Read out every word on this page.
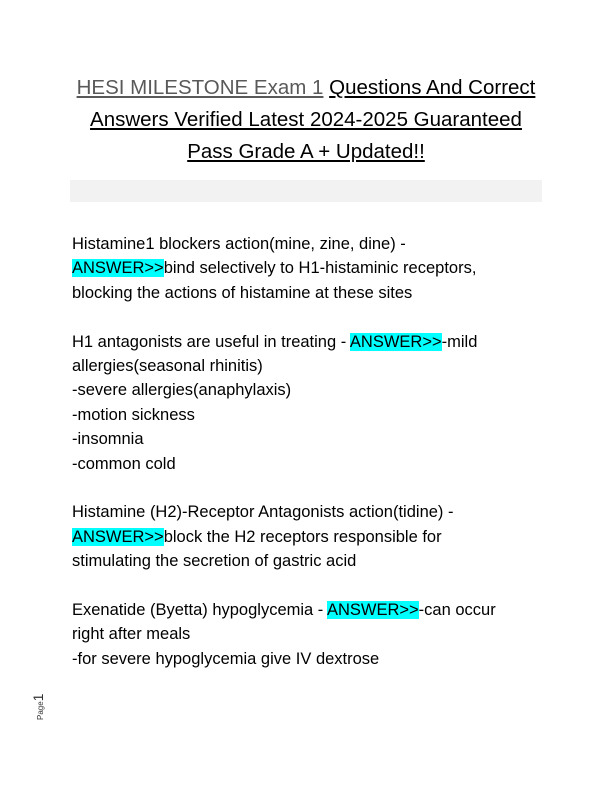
HESI MILESTONE Exam 1 Questions And Correct
Answers Verified Latest 2024-2025 Guaranteed
Pass Grade A + Updated!!
Histamine1 blockers action(mine, zine, dine) -
ANSWER>>bind selectively to H1-histaminic receptors,
blocking the actions of histamine at these sites
H1 antagonists are useful in treating - ANSWER>>-mild
allergies(seasonal rhinitis)
-severe allergies(anaphylaxis)
-motion sickness
-insomnia
-common cold
Histamine (H2)-Receptor Antagonists action(tidine) -
ANSWER>>block the H2 receptors responsible for
stimulating the secretion of gastric acid
Exenatide (Byetta) hypoglycemia - ANSWER>>-can occur
right after meals
-for severe hypoglycemia give IV dextrose
Page1
